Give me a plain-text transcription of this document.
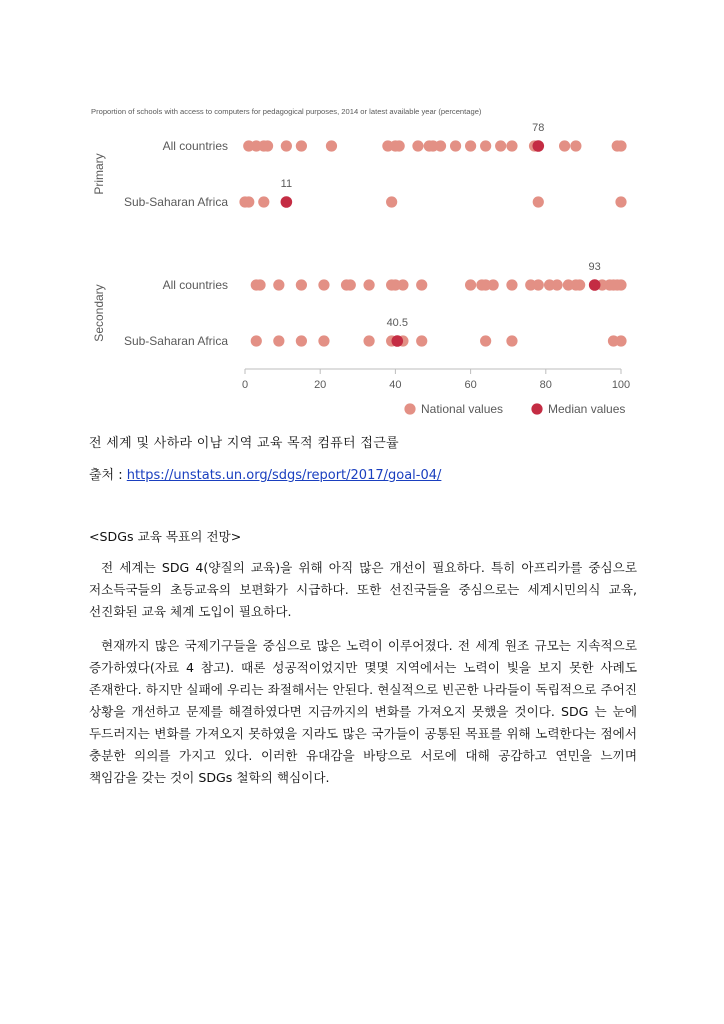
Proportion of schools with access to computers for pedagogical purposes, 2014 or latest available year (percentage)
Primary
All countries
78
Sub-Saharan Africa
11
Secondary	All countries
93
Sub-Saharan Africa
40.5
0	20	40	60	80	100
National values	Median values
전 세계 및 사하라 이남 지역 교육 목적 컴퓨터 접근률
출처 : https://unstats.un.org/sdgs/report/2017/goal-04/
<SDGs 교육 목표의 전망>
전 세계는 SDG 4(양질의 교육)을 위해 아직 많은 개선이 필요하다. 특히 아프리카를 중심으로 저소득국들의 초등교육의 보편화가 시급하다. 또한 선진국들을 중심으로는 세계시민의식 교육, 선진화된 교육 체계 도입이 필요하다.
현재까지 많은 국제기구들을 중심으로 많은 노력이 이루어졌다. 전 세계 원조 규모는 지속적으로 증가하였다(자료 4 참고). 때론 성공적이었지만 몇몇 지역에서는 노력이 빛을 보지 못한 사례도 존재한다. 하지만 실패에 우리는 좌절해서는 안된다. 현실적으로 빈곤한 나라들이 독립적으로 주어진 상황을 개선하고 문제를 해결하였다면 지금까지의 변화를 가져오지 못했을 것이다. SDG 는 눈에 두드러지는 변화를 가져오지 못하였을 지라도 많은 국가들이 공통된 목표를 위해 노력한다는 점에서 충분한 의의를 가지고 있다. 이러한 유대감을 바탕으로 서로에 대해 공감하고 연민을 느끼며 책임감을 갖는 것이 SDGs 철학의 핵심이다.
